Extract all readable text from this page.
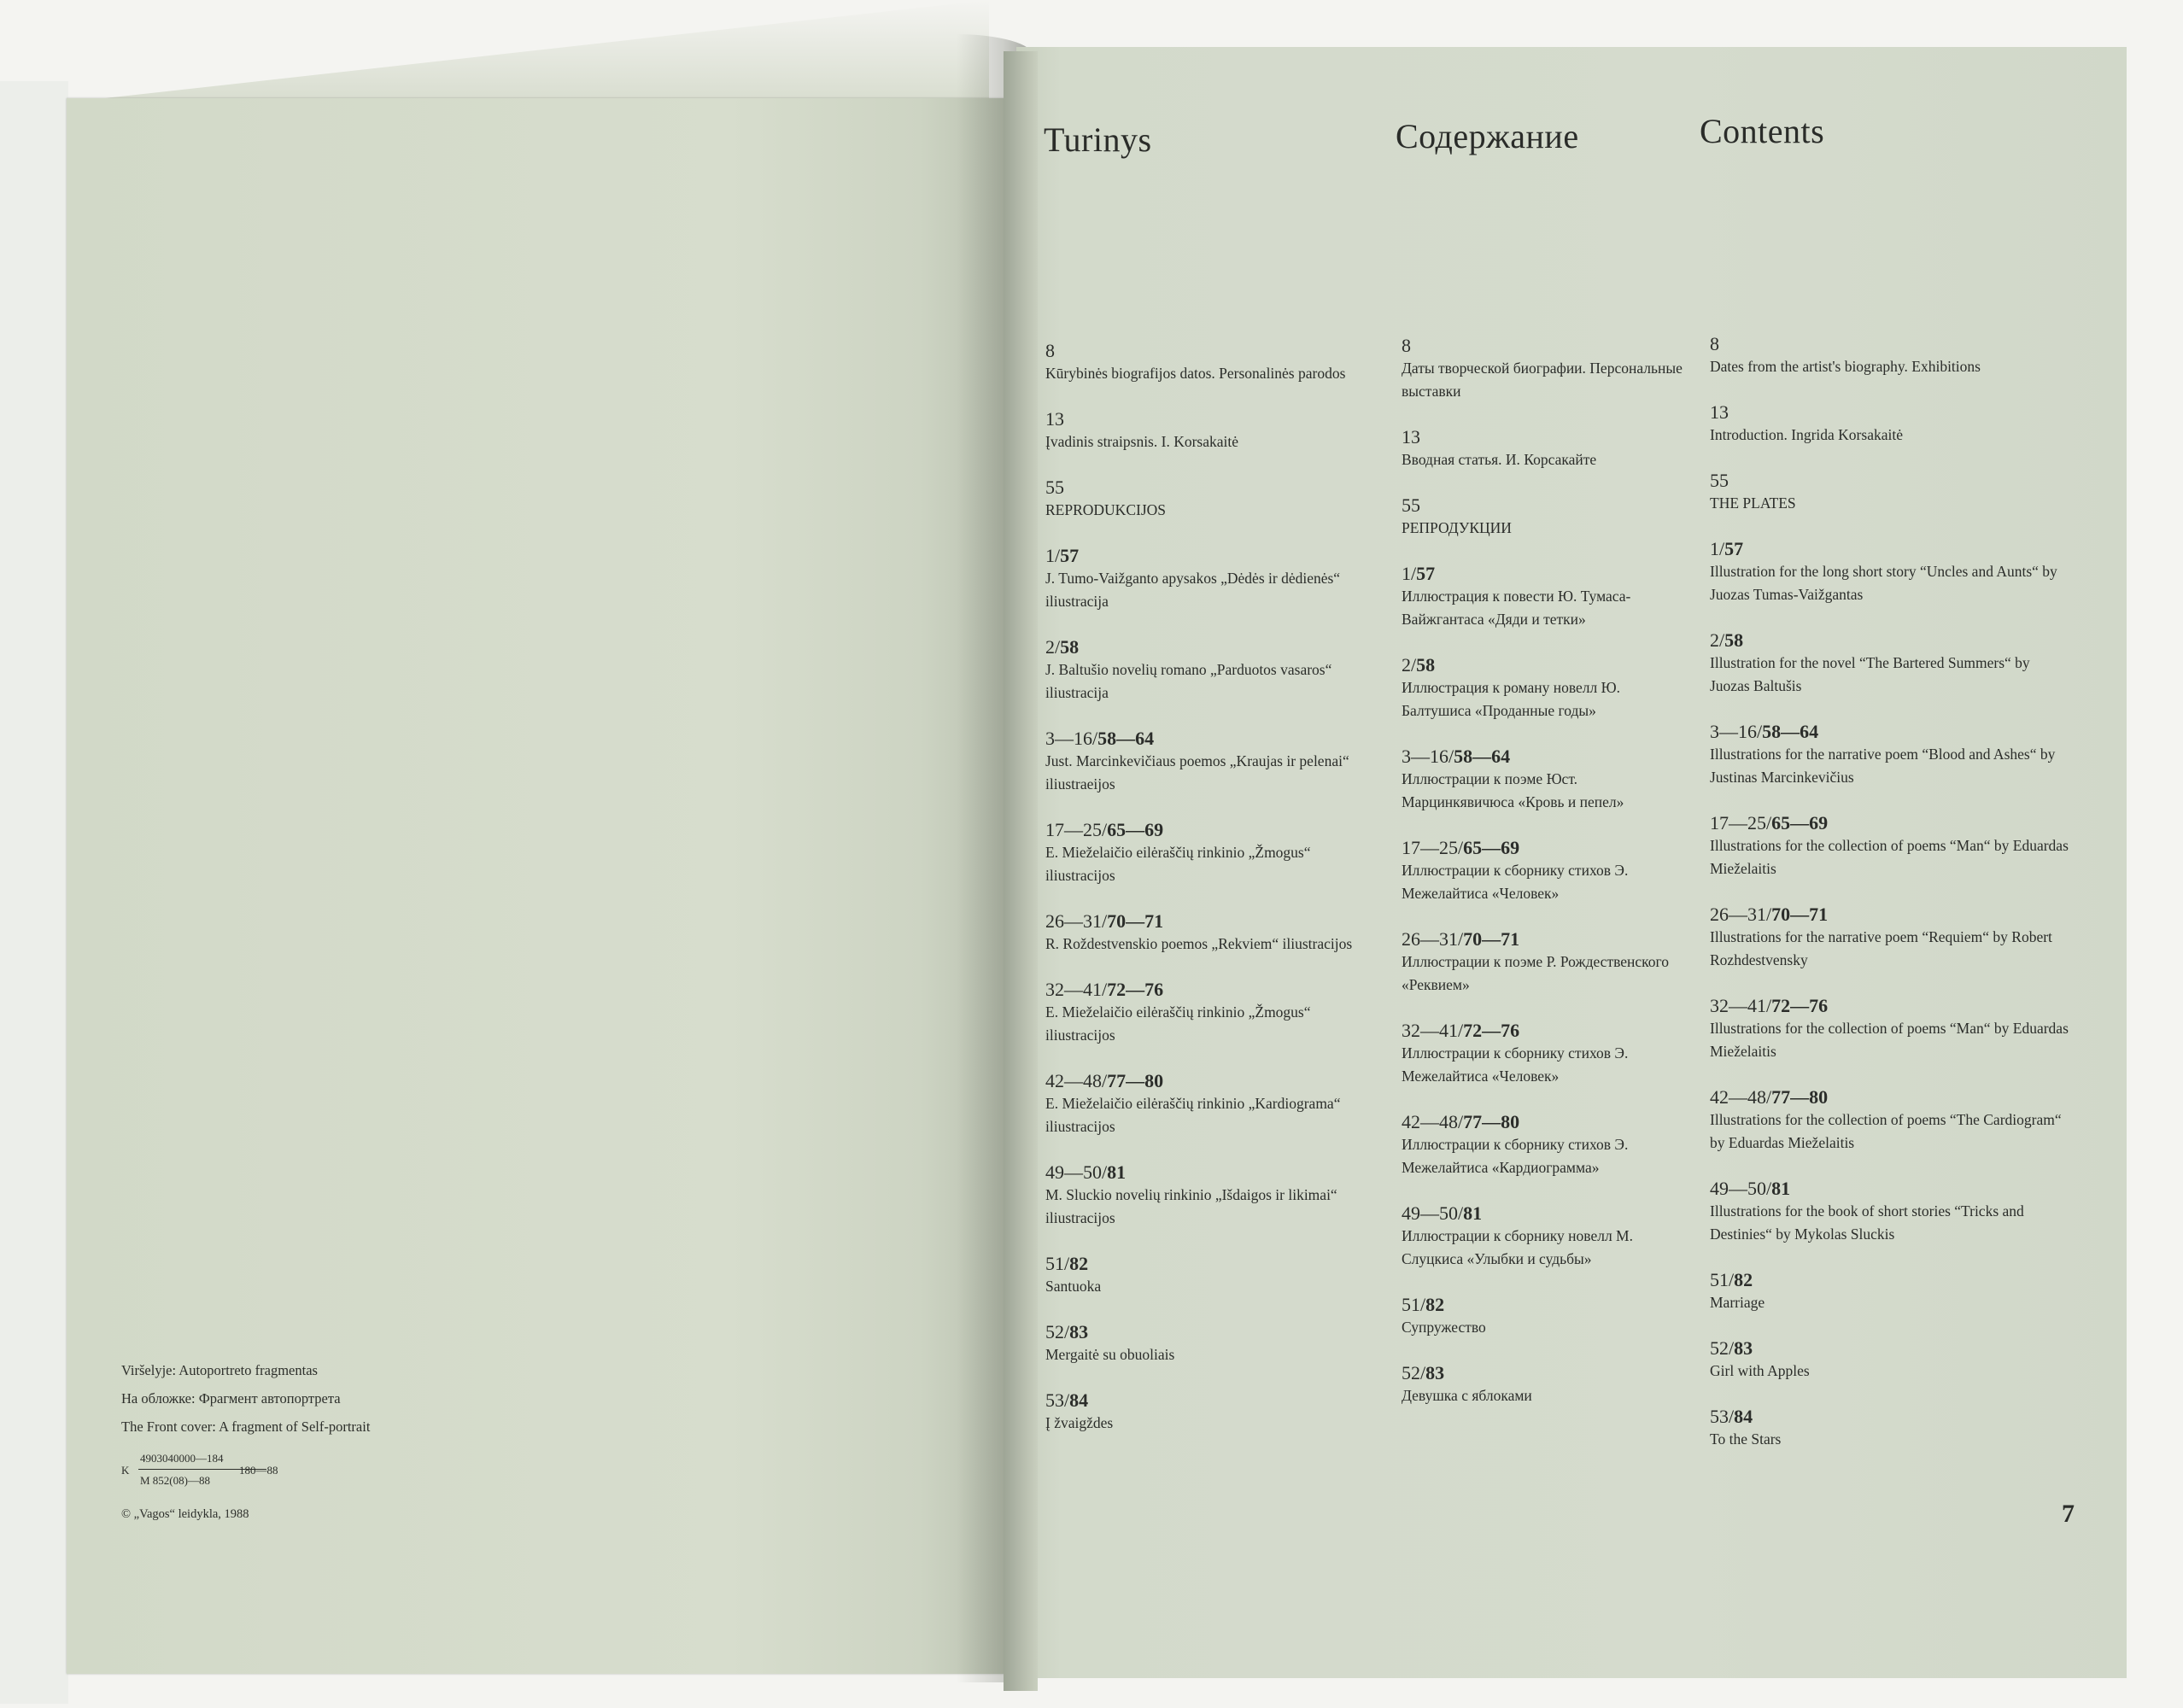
Viršelyje: Autoportreto fragmentas
На обложке: Фрагмент автопортрета
The Front cover: A fragment of Self-portrait
K
4903040000—184
M 852(08)—88
180—88
© „Vagos“ leidykla, 1988
Turinys	Содержание	Contents
8
Kūrybinės biografijos datos. Personalinės parodos
13
Įvadinis straipsnis. I. Korsakaitė
55
REPRODUKCIJOS
1/57
J. Tumo-Vaižganto apysakos „Dėdės ir dėdienės“ iliustracija
2/58
J. Baltušio novelių romano „Parduotos vasaros“ iliustracija
3—16/58—64
Just. Marcinkevičiaus poemos „Kraujas ir pelenai“ iliustraeijos
17—25/65—69
E. Mieželaičio eilėraščių rinkinio „Žmogus“ iliustracijos
26—31/70—71
R. Roždestvenskio poemos „Rekviem“ iliustracijos
32—41/72—76
E. Mieželaičio eilėraščių rinkinio „Žmogus“ iliustracijos
42—48/77—80
E. Mieželaičio eilėraščių rinkinio „Kardiograma“ iliustracijos
49—50/81
M. Sluckio novelių rinkinio „Išdaigos ir likimai“ iliustracijos
51/82
Santuoka
52/83
Mergaitė su obuoliais
53/84
Į žvaigždes
8
Даты творческой биографии. Персональные выставки
13
Вводная статья. И. Корсакайте
55
РЕПРОДУКЦИИ
1/57
Иллюстрация к повести Ю. Тумаса-Вайжгантаса «Дяди и тетки»
2/58
Иллюстрация к роману новелл Ю. Балтушиса «Проданные годы»
3—16/58—64
Иллюстрации к поэме Юст. Марцинкявичюса «Кровь и пепел»
17—25/65—69
Иллюстрации к сборнику стихов Э. Межелайтиса «Человек»
26—31/70—71
Иллюстрации к поэме Р. Рождественского «Реквием»
32—41/72—76
Иллюстрации к сборнику стихов Э. Межелайтиса «Человек»
42—48/77—80
Иллюстрации к сборнику стихов Э. Межелайтиса «Кардиограмма»
49—50/81
Иллюстрации к сборнику новелл М. Слуцкиса «Улыбки и судьбы»
51/82
Супружество
52/83
Девушка с яблоками
8
Dates from the artist's biography. Exhibitions
13
Introduction. Ingrida Korsakaitė
55
THE PLATES
1/57
Illustration for the long short story “Uncles and Aunts“ by Juozas Tumas-Vaižgantas
2/58
Illustration for the novel “The Bartered Summers“ by Juozas Baltušis
3—16/58—64
Illustrations for the narrative poem “Blood and Ashes“ by Justinas Marcinkevičius
17—25/65—69
Illustrations for the collection of poems “Man“ by Eduardas Mieželaitis
26—31/70—71
Illustrations for the narrative poem “Requiem“ by Robert Rozhdestvensky
32—41/72—76
Illustrations for the collection of poems “Man“ by Eduardas Mieželaitis
42—48/77—80
Illustrations for the collection of poems “The Cardiogram“ by Eduardas Mieželaitis
49—50/81
Illustrations for the book of short stories “Tricks and Destinies“ by Mykolas Sluckis
51/82
Marriage
52/83
Girl with Apples
53/84
To the Stars
7
